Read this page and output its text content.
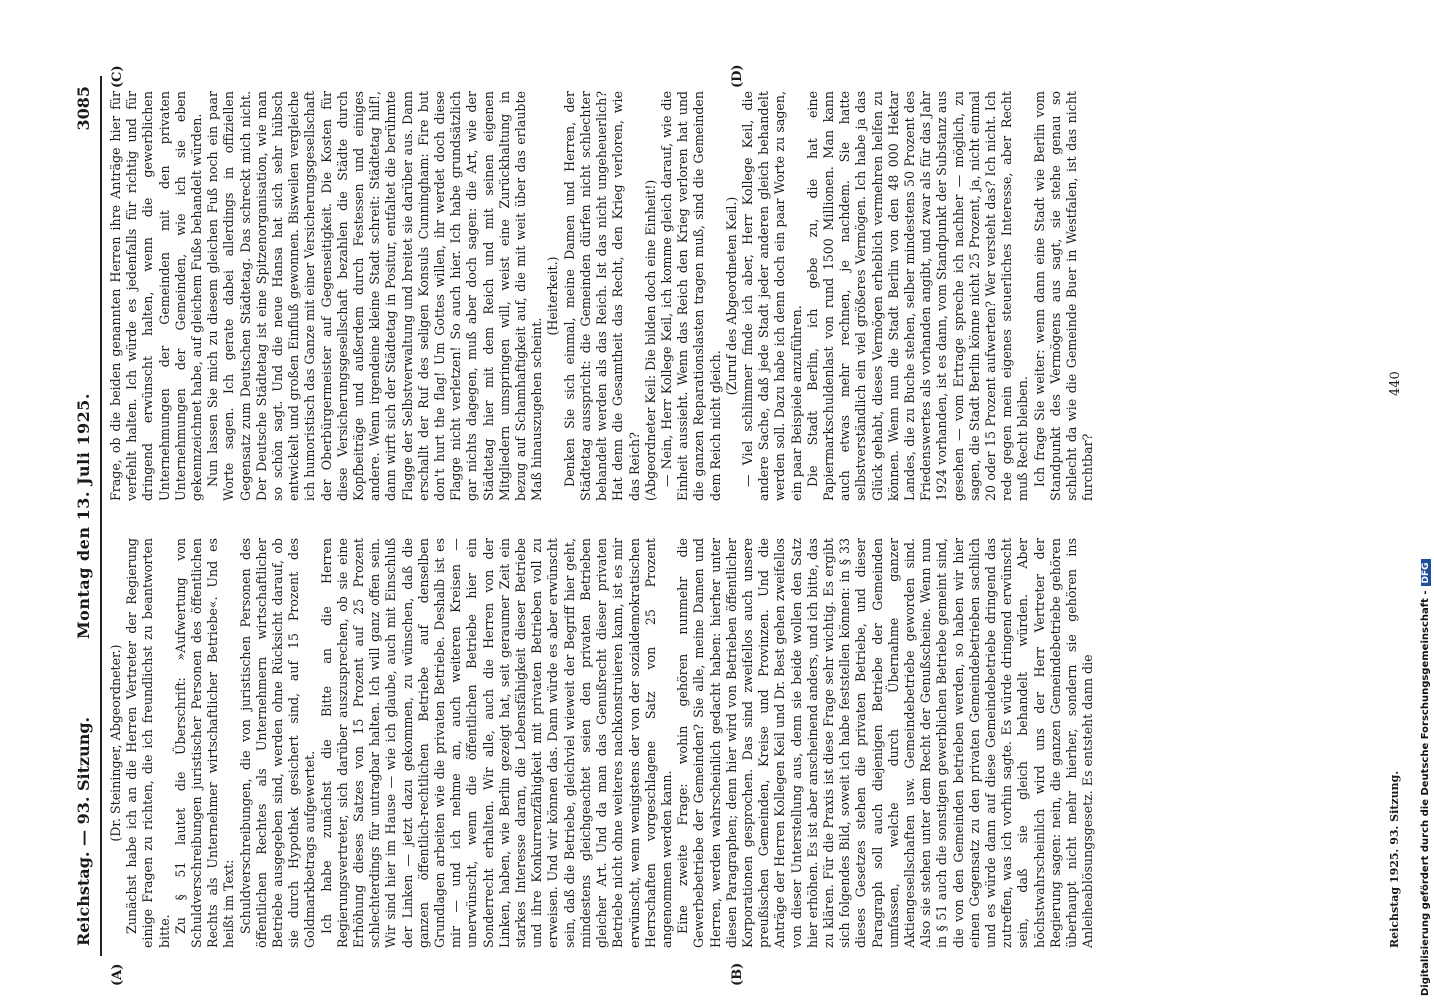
Reichstag. — 93. Sitzung.
Montag den 13. Juli 1925.
3085
(A)	(B)
(C)	(D)

(Dr. Steininger, Abgeordneter.) Zunächst habe ich an die Herren Vertreter der Regierung einige Fragen zu richten, die ich freundlichst zu beantworten bitte. Zu § 51 lautet die Überschrift: »Aufwertung von Schuldverschreibungen juristischer Personen des öffentlichen Rechts als Unternehmer wirtschaftlicher Betriebe«. Und es heißt im Text: Schuldverschreibungen, die von juristischen Personen des öffentlichen Rechtes als Unternehmern wirtschaftlicher Betriebe ausgegeben sind, werden ohne Rücksicht darauf, ob sie durch Hypothek gesichert sind, auf 15 Prozent des Goldmarkbetrags aufgewertet. Ich habe zunächst die Bitte an die Herren Regierungsvertreter, sich darüber auszusprechen, ob sie eine Erhöhung dieses Satzes von 15 Prozent auf 25 Prozent schlechterdings für untragbar halten. Ich will ganz offen sein. Wir sind hier im Hause — wie ich glaube, auch mit Einschluß der Linken — jetzt dazu gekommen, zu wünschen, daß die ganzen öffentlich-rechtlichen Betriebe auf denselben Grundlagen arbeiten wie die privaten Betriebe. Deshalb ist es mir — und ich nehme an, auch weiteren Kreisen — unerwünscht, wenn die öffentlichen Betriebe hier ein Sonderrecht erhalten. Wir alle, auch die Herren von der Linken, haben, wie Berlin gezeigt hat, seit geraumer Zeit ein starkes Interesse daran, die Lebensfähigkeit dieser Betriebe und ihre Konkurrenzfähigkeit mit privaten Betrieben voll zu erweisen. Und wir können das. Dann würde es aber erwünscht sein, daß die Betriebe, gleichviel wieweit der Begriff hier geht, mindestens gleichgeachtet seien den privaten Betrieben gleicher Art. Und da man das Genußrecht dieser privaten Betriebe nicht ohne weiteres nachkonstruieren kann, ist es mir erwünscht, wenn wenigstens der von der sozialdemokratischen Herrschaften vorgeschlagene Satz von 25 Prozent angenommen werden kann. Eine zweite Frage: wohin gehören nunmehr die Gewerbebetriebe der Gemeinden? Sie alle, meine Damen und Herren, werden wahrscheinlich gedacht haben: hierher unter diesen Paragraphen; denn hier wird von Betrieben öffentlicher Korporationen gesprochen. Das sind zweifellos auch unsere preußischen Gemeinden, Kreise und Provinzen. Und die Anträge der Herren Kollegen Keil und Dr. Best gehen zweifellos von dieser Unterstellung aus, denn sie beide wollen den Satz hier erhöhen. Es ist aber anscheinend anders, und ich bitte, das zu klären. Für die Praxis ist diese Frage sehr wichtig. Es ergibt sich folgendes Bild, soweit ich habe feststellen können: in § 33 dieses Gesetzes stehen die privaten Betriebe, und dieser Paragraph soll auch diejenigen Betriebe der Gemeinden umfassen, welche durch Übernahme ganzer Aktiengesellschaften usw. Gemeindebetriebe geworden sind. Also sie stehen unter dem Recht der Genußscheine. Wenn nun in § 51 auch die sonstigen gewerblichen Betriebe gemeint sind, die von den Gemeinden betrieben werden, so haben wir hier einen Gegensatz zu den privaten Gemeindebetrieben sachlich und es würde dann auf diese Gemeindebetriebe dringend das zutreffen, was ich vorhin sagte. Es würde dringend erwünscht sein, daß sie gleich behandelt würden. Aber höchstwahrscheinlich wird uns der Herr Vertreter der Regierung sagen: nein, die ganzen Gemeindebetriebe gehören überhaupt nicht mehr hierher, sondern sie gehören ins Anleiheablösungsgesetz. Es entsteht dann die

Frage, ob die beiden genannten Herren ihre Anträge hier für verfehlt halten. Ich würde es jedenfalls für richtig und für dringend erwünscht halten, wenn die gewerblichen Unternehmungen der Gemeinden mit den privaten Unternehmungen der Gemeinden, wie ich sie eben gekennzeichnet habe, auf gleichem Fuße behandelt würden. Nun lassen Sie mich zu diesem gleichen Fuß noch ein paar Worte sagen. Ich gerate dabei allerdings in offiziellen Gegensatz zum Deutschen Städtetag. Das schreckt mich nicht. Der Deutsche Städtetag ist eine Spitzenorganisation, wie man so schön sagt. Und die neue Hansa hat sich sehr hübsch entwickelt und großen Einfluß gewonnen. Bisweilen vergleiche ich humoristisch das Ganze mit einer Versicherungsgesellschaft der Oberbürgermeister auf Gegenseitigkeit. Die Kosten für diese Versicherungsgesellschaft bezahlen die Städte durch Kopfbeiträge und außerdem durch Festessen und einiges andere. Wenn irgendeine kleine Stadt schreit: Städtetag hilf!, dann wirft sich der Städtetag in Positur, entfaltet die berühmte Flagge der Selbstverwaltung und breitet sie darüber aus. Dann erschallt der Ruf des seligen Konsuls Cunningham: Fire but don't hurt the flag! Um Gottes willen, ihr werdet doch diese Flagge nicht verletzen! So auch hier. Ich habe grundsätzlich gar nichts dagegen, muß aber doch sagen: die Art, wie der Städtetag hier mit dem Reich und mit seinen eigenen Mitgliedern umspringen will, weist eine Zurückhaltung in bezug auf Schamhaftigkeit auf, die mit weit über das erlaubte Maß hinauszugehen scheint.

(Heiterkeit.) Denken Sie sich einmal, meine Damen und Herren, der Städtetag ausspricht: die Gemeinden dürfen nicht schlechter behandelt werden als das Reich. Ist das nicht ungeheuerlich? Hat denn die Gesamtheit das Recht, den Krieg verloren, wie das Reich? (Abgeordneter Keil: Die bilden doch eine Einheit!) — Nein, Herr Kollege Keil, ich komme gleich darauf, wie die Einheit aussieht. Wenn das Reich den Krieg verloren hat und die ganzen Reparationslasten tragen muß, sind die Gemeinden dem Reich nicht gleich.

(Zuruf des Abgeordneten Keil.) — Viel schlimmer finde ich aber, Herr Kollege Keil, die andere Sache, daß jede Stadt jeder anderen gleich behandelt werden soll. Dazu habe ich denn doch ein paar Worte zu sagen, ein paar Beispiele anzuführen. Die Stadt Berlin, ich gebe zu, die hat eine Papiermarkschuldenlast von rund 1500 Millionen. Man kann auch etwas mehr rechnen, je nachdem. Sie hatte selbstverständlich ein viel größeres Vermögen. Ich habe ja das Glück gehabt, dieses Vermögen erheblich vermehren helfen zu können. Wenn nun die Stadt Berlin von den 48 000 Hektar Landes, die zu Buche stehen, selber mindestens 50 Prozent des Friedenswertes als vorhanden angibt, und zwar als für das Jahr 1924 vorhanden, ist es dann, vom Standpunkt der Substanz aus gesehen — vom Ertrage spreche ich nachher — möglich, zu sagen, die Stadt Berlin könne nicht 25 Prozent, ja, nicht einmal 20 oder 15 Prozent aufwerten? Wer versteht das? Ich nicht. Ich rede gegen mein eigenes steuerliches Interesse, aber Recht muß Recht bleiben. Ich frage Sie weiter: wenn dann eine Stadt wie Berlin vom Standpunkt des Vermögens aus sagt, sie stehe genau so schlecht da wie die Gemeinde Buer in Westfalen, ist das nicht furchtbar?

Reichstag 1925. 93. Sitzung.
440
Digitalisierung gefördert durch die Deutsche Forschungsgemeinschaft -DFG
